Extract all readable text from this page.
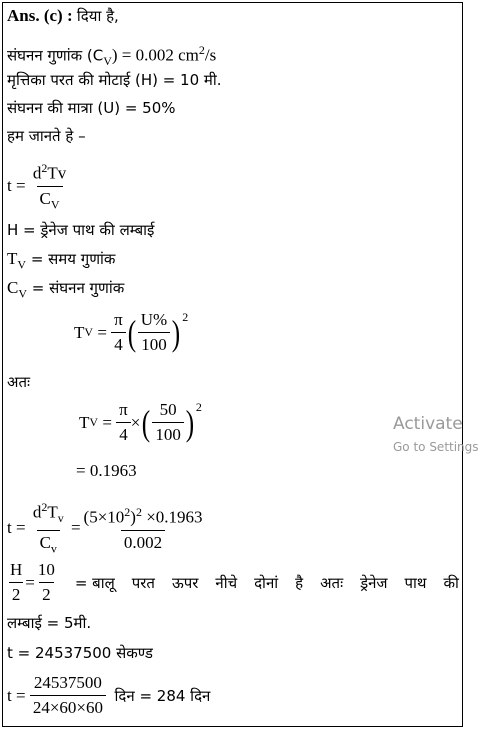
Ans. (c) : दिया है,
संघनन गुणांक $(C_V) = 0.002$ $cm^2/s$
मृत्तिका परत की मोटाई (H) = 10 मी.
संघनन की मात्रा (U) = 50%
हम जानते हे –
t =
$\frac{d^2Tv}{C_V}$
H = ड्रेनेज पाथ की लम्बाई
$T_V$ = समय गुणांक
$C_V$ = संघनन गुणांक
T V
=
$\frac{\pi}{4}$ ( $\frac{U\%}{100}$ ) 2
अतः
T V
=
$\frac{\pi}{4}$ × ( $\frac{50}{100}$ ) 2
= 0.1963
t =
$\frac{d^2T_v}{C_v}$
= $\frac{(5\times 10^2)^2 \times 0.1963}{0.002}$
$\frac{H}{2} = \frac{10}{2}$ = बालू परत ऊपर नीचे दोनां है अतः ड्रेनेज पाथ की
लम्बाई = 5मी.
t = 24537500 सेकण्ड
t =
$\frac{24537500}{24\times 60\times 60}$
दिन = 284 दिन
Activate
Go to Settings
